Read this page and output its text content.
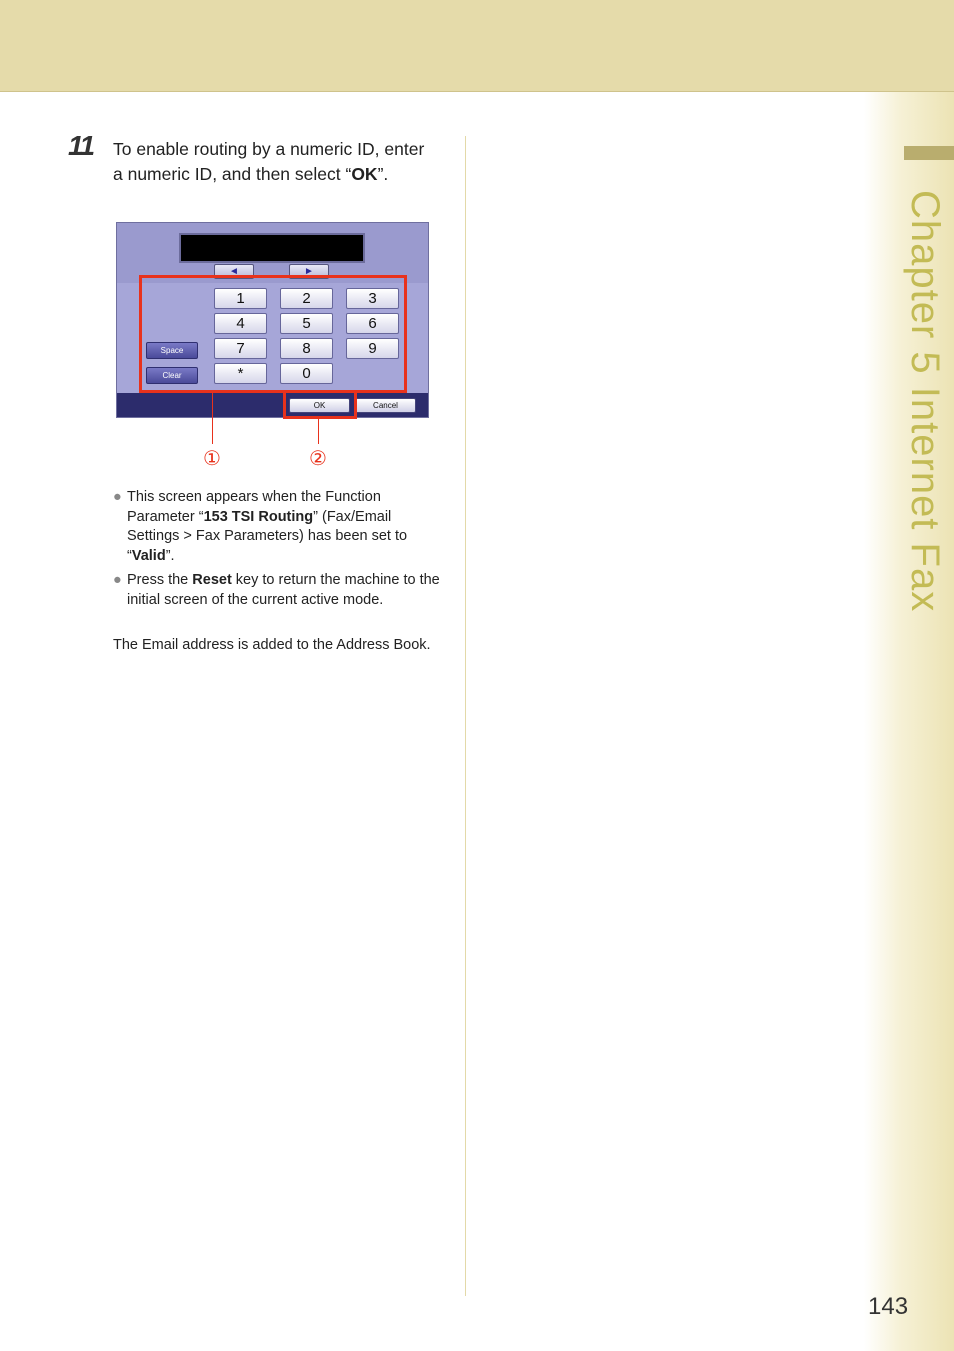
Chapter 5 Internet Fax
11 To enable routing by a numeric ID, enter a numeric ID, and then select “OK”.
◄	►
1	2	3
4	5	6
7	8	9
*	0
Space
Clear
OK	Cancel
①	②
● This screen appears when the Function Parameter “153 TSI Routing” (Fax/Email Settings > Fax Parameters) has been set to “Valid”.
● Press the Reset key to return the machine to the initial screen of the current active mode.
The Email address is added to the Address Book.
143
